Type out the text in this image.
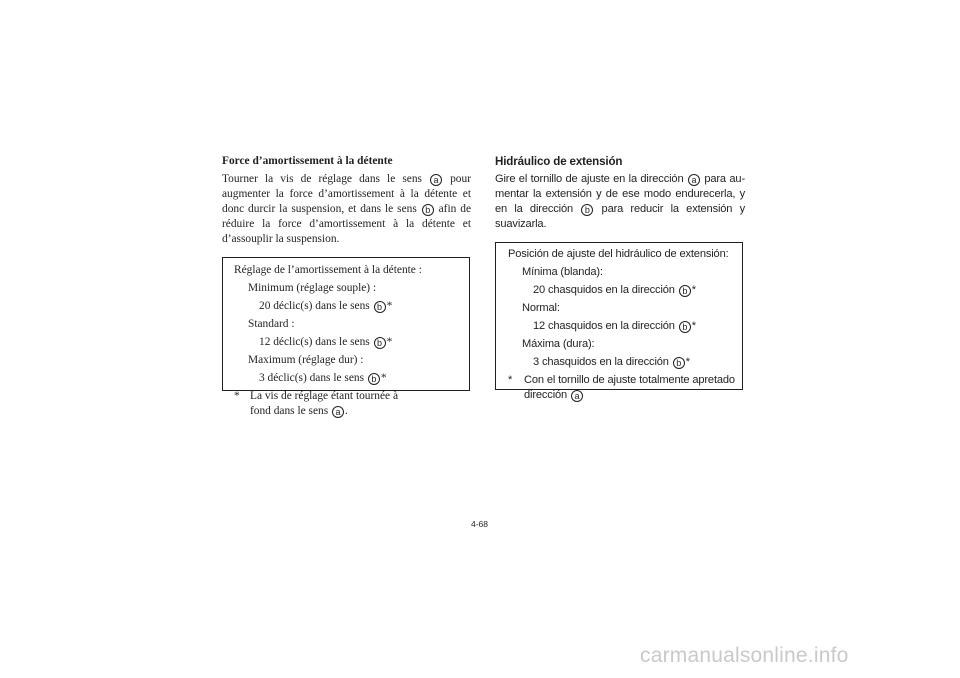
Force d’amortissement à la détente
Tourner la vis de réglage dans le sens a pour augmenter la force d’amortissement à la détente et donc durcir la suspension, et dans le sens b afin de réduire la force d’amortissement à la détente et d’assouplir la suspension.
Réglage de l’amortissement à la détente :
Minimum (réglage souple) :
20 déclic(s) dans le sens b *
Standard :
12 déclic(s) dans le sens b *
Maximum (réglage dur) :
3 déclic(s) dans le sens b *
* La vis de réglage étant tournée à fond dans le sens a .
Hidráulico de extensión
Gire el tornillo de ajuste en la dirección a para au-mentar la extensión y de ese modo endurecerla, y en la dirección b para reducir la extensión y suavizarla.
Posición de ajuste del hidráulico de extensión:
Mínima (blanda):
20 chasquidos en la dirección b *
Normal:
12 chasquidos en la dirección b *
Máxima (dura):
3 chasquidos en la dirección b *
*	Con el tornillo de ajuste totalmente apretado dirección a
4-68
carmanualsonline.info
